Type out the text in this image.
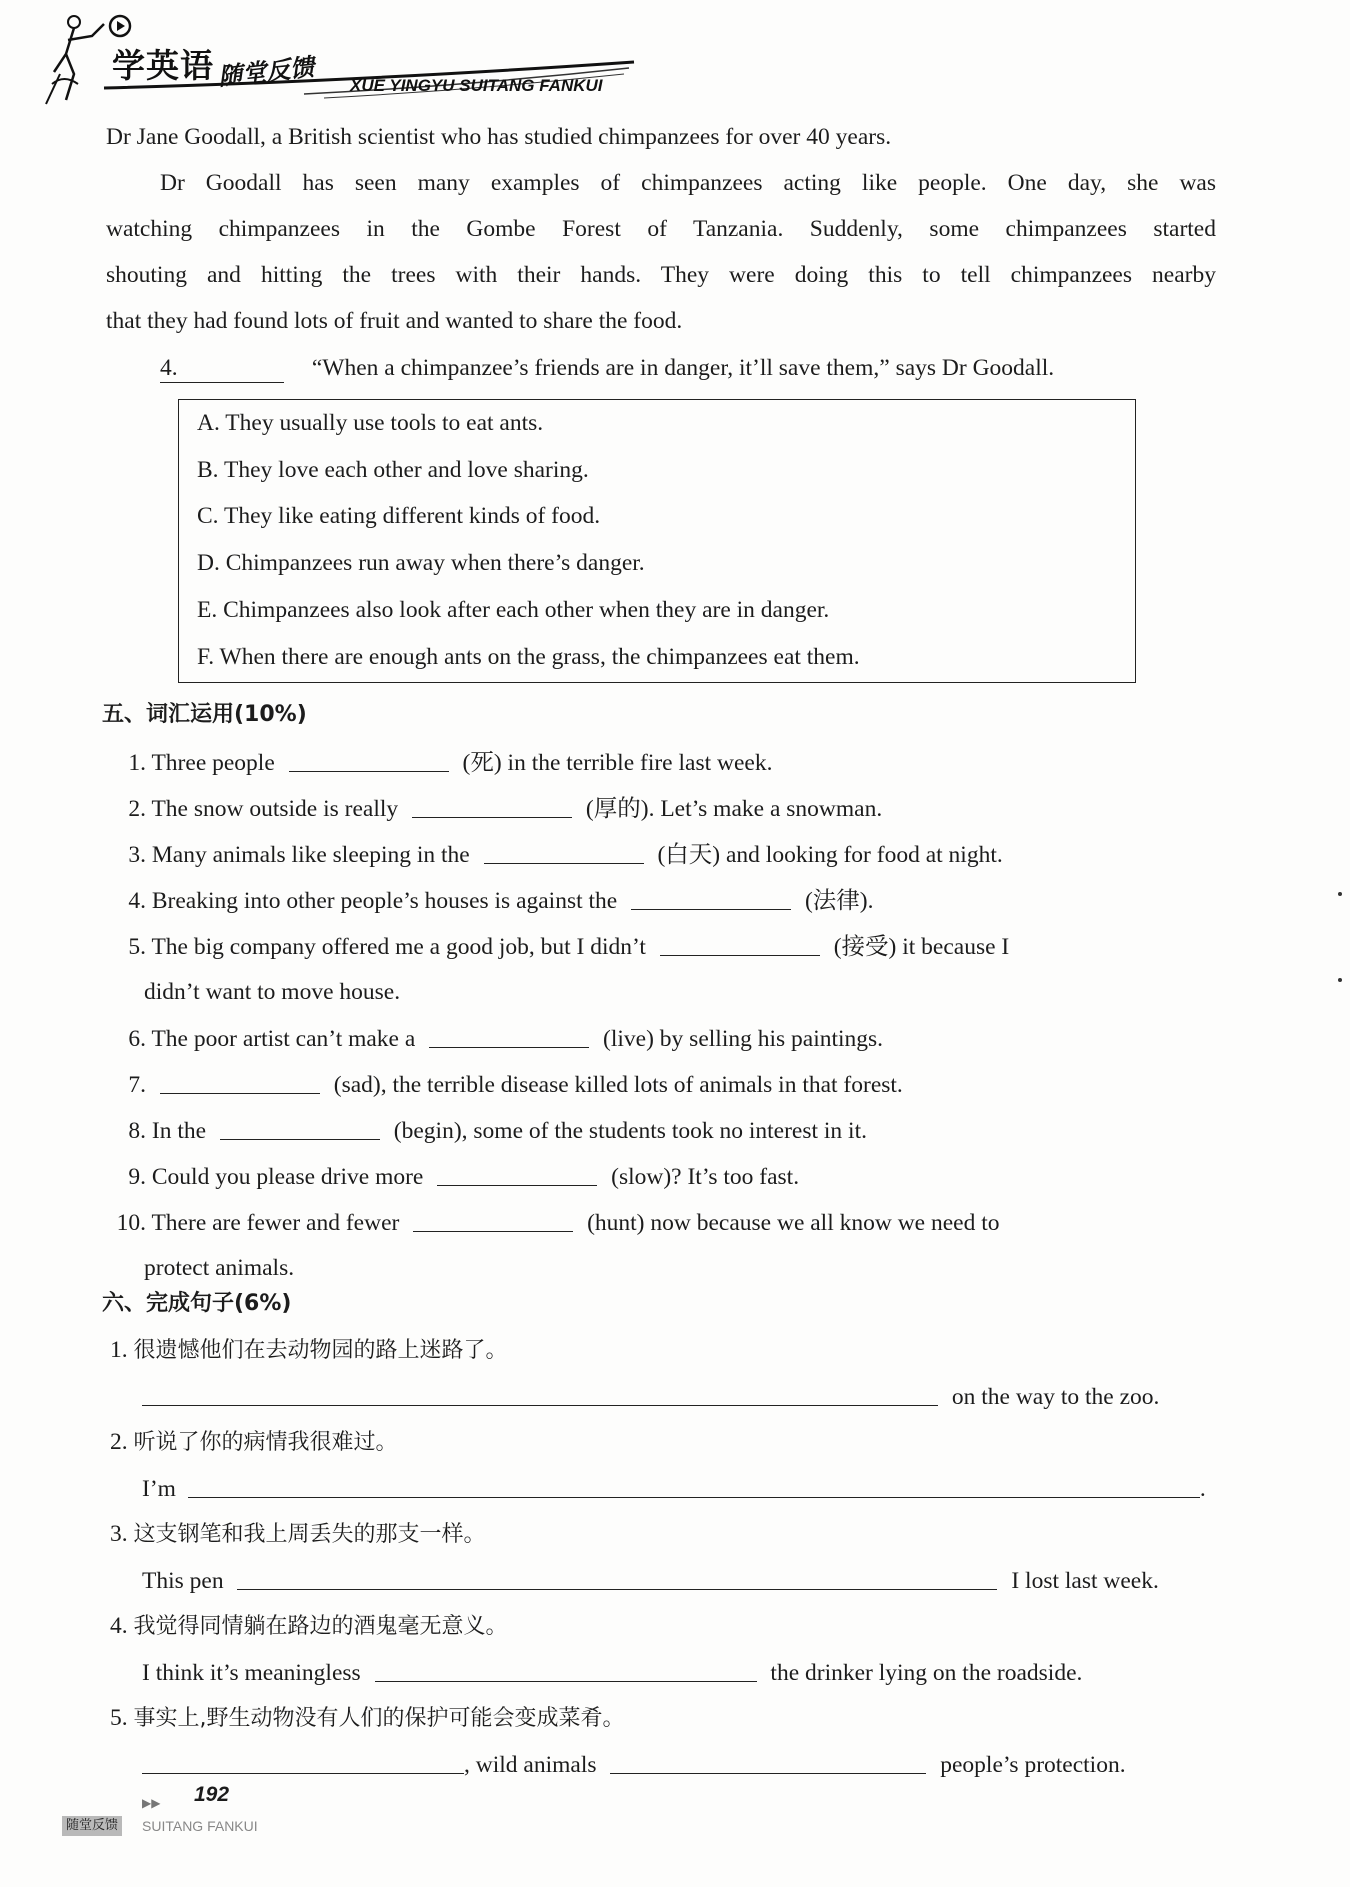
学英语 随堂反馈 XUE YINGYU SUITANG FANKUI
Dr Jane Goodall, a British scientist who has studied chimpanzees for over 40 years.
Dr Goodall has seen many examples of chimpanzees acting like people. One day, she was
watching chimpanzees in the Gombe Forest of Tanzania. Suddenly, some chimpanzees started
shouting and hitting the trees with their hands. They were doing this to tell chimpanzees nearby
that they had found lots of fruit and wanted to share the food.
4.	“When a chimpanzee’s friends are in danger, it’ll save them,” says Dr Goodall.
A. They usually use tools to eat ants.
B. They love each other and love sharing.
C. They like eating different kinds of food.
D. Chimpanzees run away when there’s danger.
E. Chimpanzees also look after each other when they are in danger.
F. When there are enough ants on the grass, the chimpanzees eat them.
五、词汇运用(10%)
1. Three people	(死) in the terrible fire last week.
2. The snow outside is really	(厚的). Let’s make a snowman.
3. Many animals like sleeping in the	(白天) and looking for food at night.
4. Breaking into other people’s houses is against the	(法律).
5. The big company offered me a good job, but I didn’t	(接受) it because I
didn’t want to move house.
6. The poor artist can’t make a	(live) by selling his paintings.
7.	(sad), the terrible disease killed lots of animals in that forest.
8. In the	(begin), some of the students took no interest in it.
9. Could you please drive more	(slow)? It’s too fast.
10. There are fewer and fewer	(hunt) now because we all know we need to
protect animals.
六、完成句子(6%)
1. 很遗憾他们在去动物园的路上迷路了。
on the way to the zoo.
2. 听说了你的病情我很难过。
I’m	.
3. 这支钢笔和我上周丢失的那支一样。
This pen	I lost last week.
4. 我觉得同情躺在路边的酒鬼毫无意义。
I think it’s meaningless	the drinker lying on the roadside.
5. 事实上,野生动物没有人们的保护可能会变成菜肴。
, wild animals	people’s protection.
▶▶ 192
随堂反馈 SUITANG FANKUI
